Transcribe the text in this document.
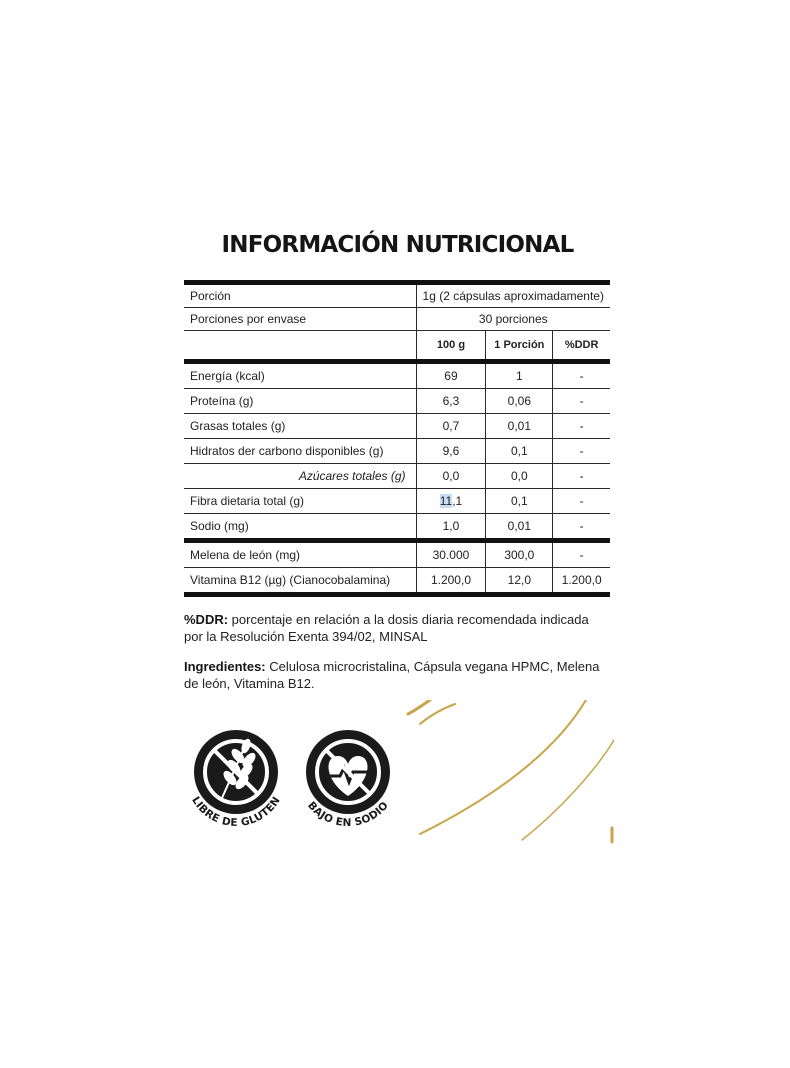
INFORMACIÓN NUTRICIONAL
Porción	1g (2 cápsulas aproximadamente)		
Porciones por envase	30 porciones		
	100 g	1 Porción	%DDR
Energía (kcal)	69	1	-
Proteína (g)	6,3	0,06	-
Grasas totales (g)	0,7	0,01	-
Hidratos der carbono disponibles (g)	9,6	0,1	-
Azúcares totales (g)	0,0	0,0	-
Fibra dietaria total (g)	11,1	0,1	-
Sodio (mg)	1,0	0,01	-
Melena de león (mg)	30.000	300,0	-
Vitamina B12 (µg) (Cianocobalamina)	1.200,0	12,0	1.200,0
%DDR: porcentaje en relación a la dosis diaria recomendada indicada por la Resolución Exenta 394/02, MINSAL
Ingredientes: Celulosa microcristalina, Cápsula vegana HPMC, Melena de león, Vitamina B12.
LIBRE DE GLUTEN BAJO EN SODIO
